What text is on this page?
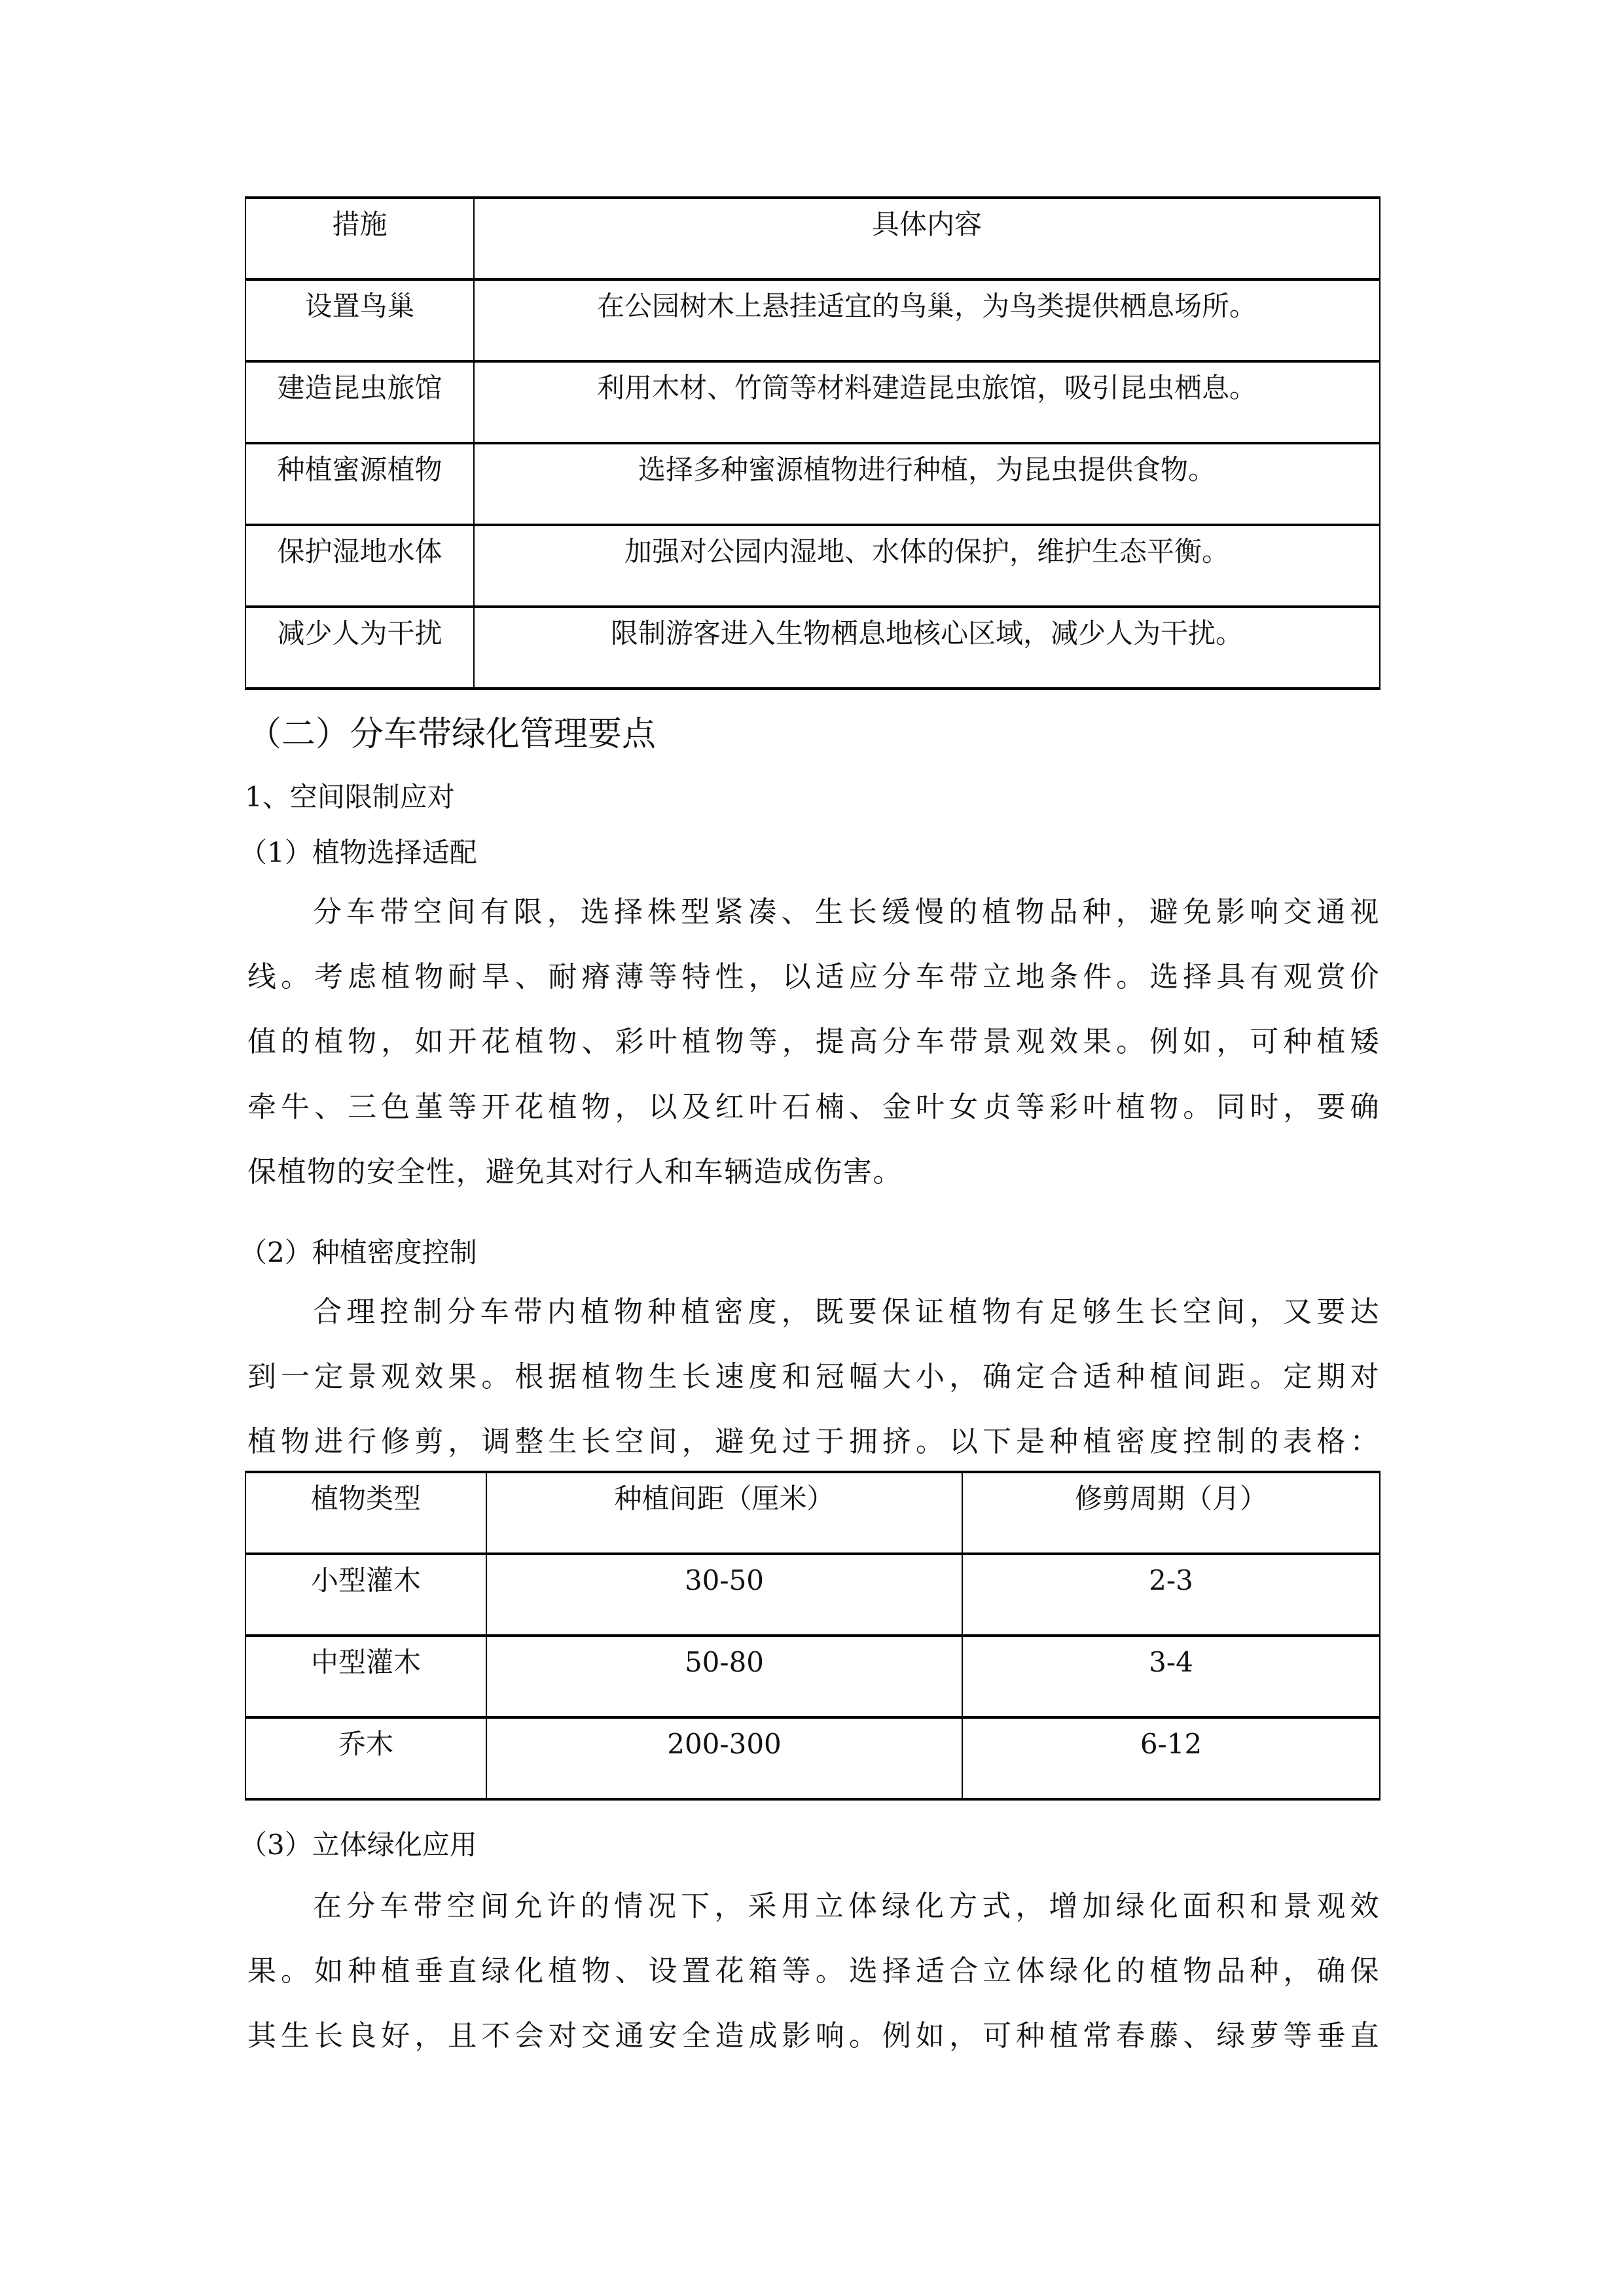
措施	具体内容
设置鸟巢	在公园树木上悬挂适宜的鸟巢，为鸟类提供栖息场所。
建造昆虫旅馆	利用木材、竹筒等材料建造昆虫旅馆，吸引昆虫栖息。
种植蜜源植物	选择多种蜜源植物进行种植，为昆虫提供食物。
保护湿地水体	加强对公园内湿地、水体的保护，维护生态平衡。
减少人为干扰	限制游客进入生物栖息地核心区域，减少人为干扰。
（二）分车带绿化管理要点
1、空间限制应对
（1）植物选择适配
分车带空间有限，选择株型紧凑、生长缓慢的植物品种，避免影响交通视
线。考虑植物耐旱、耐瘠薄等特性，以适应分车带立地条件。选择具有观赏价
值的植物，如开花植物、彩叶植物等，提高分车带景观效果。例如，可种植矮
牵牛、三色堇等开花植物，以及红叶石楠、金叶女贞等彩叶植物。同时，要确
保植物的安全性，避免其对行人和车辆造成伤害。
（2）种植密度控制
合理控制分车带内植物种植密度，既要保证植物有足够生长空间，又要达
到一定景观效果。根据植物生长速度和冠幅大小，确定合适种植间距。定期对
植物进行修剪，调整生长空间，避免过于拥挤。以下是种植密度控制的表格：
植物类型	种植间距（厘米）	修剪周期（月）
小型灌木	30-50	2-3
中型灌木	50-80	3-4
乔木	200-300	6-12
（3）立体绿化应用
在分车带空间允许的情况下，采用立体绿化方式，增加绿化面积和景观效
果。如种植垂直绿化植物、设置花箱等。选择适合立体绿化的植物品种，确保
其生长良好，且不会对交通安全造成影响。例如，可种植常春藤、绿萝等垂直
